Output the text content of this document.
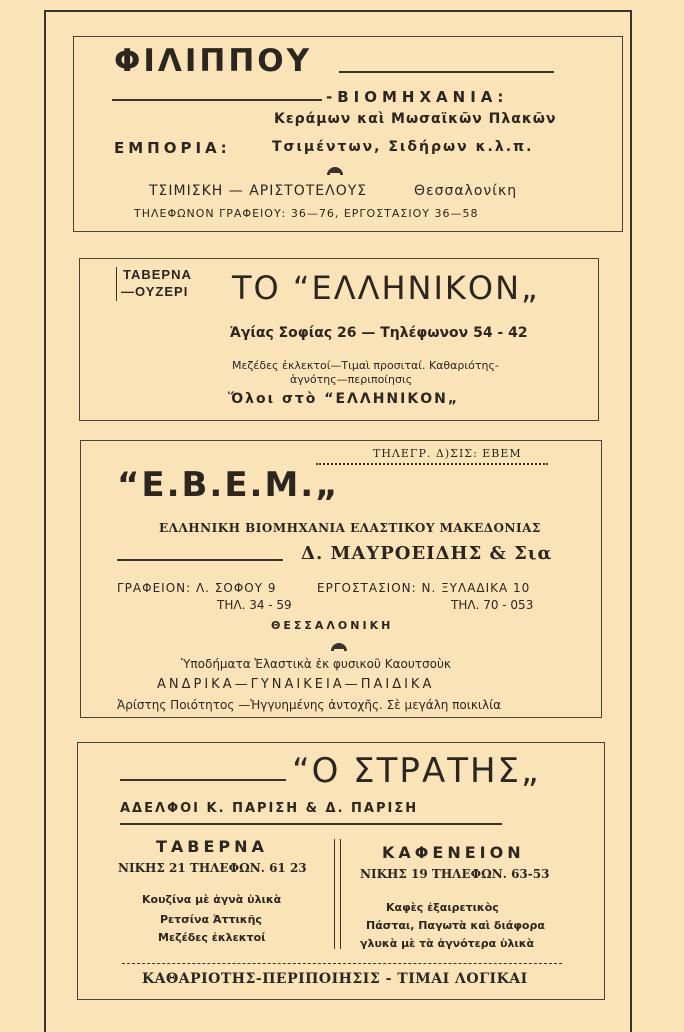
ΦΙΛΙΠΠΟΥ
-ΒΙΟΜΗΧΑΝΙΑ:
Κεράμων καὶ Μωσαϊκῶν Πλακῶν
ΕΜΠΟΡΙΑ:	Τσιμέντων, Σιδήρων κ.λ.π.
ΤΣΙΜΙΣΚΗ — ΑΡΙΣΤΟΤΕΛΟΥΣ	Θεσσαλονίκη
ΤΗΛΕΦΩΝΟΝ ΓΡΑΦΕΙΟΥ: 36—76, ΕΡΓΟΣΤΑΣΙΟΥ 36—58
ΤΑΒΕΡΝΑ
—ΟΥΖΕΡΙ ΤΟ “ΕΛΛΗΝΙΚΟΝ„
Ἁγίας Σοφίας 26 — Τηλέφωνον 54 - 42
Μεζέδες ἐκλεκτοί—Τιμαὶ προσιταί. Καθαριότης-
ἁγνότης—περιποίησις
Ὅλοι στὸ “ΕΛΛΗΝΙΚΟΝ„
ΤΗΛΕΓΡ. Δ)ΣΙΣ: ΕΒΕΜ
“Ε.Β.Ε.Μ.„
ΕΛΛΗΝΙΚΗ ΒΙΟΜΗΧΑΝΙΑ ΕΛΑΣΤΙΚΟΥ ΜΑΚΕΔΟΝΙΑΣ
Δ. ΜΑΥΡΟΕΙΔΗΣ & Σια
ΓΡΑΦΕΙΟΝ: Λ. ΣΟΦΟΥ 9
ΤΗΛ. 34 - 59
ΕΡΓΟΣΤΑΣΙΟΝ: Ν. ΞΥΛΑΔΙΚΑ 10
ΤΗΛ. 70 - 053
ΘΕΣΣΑΛΟΝΙΚΗ
Ὑποδήματα Ἐλαστικὰ ἐκ φυσικοῦ Καουτσοὺκ
ΑΝΔΡΙΚΑ—ΓΥΝΑΙΚΕΙΑ—ΠΑΙΔΙΚΑ
Ἀρίστης Ποιότητος —Ἠγγυημένης ἀντοχῆς. Σὲ μεγάλη ποικιλία
“Ο ΣΤΡΑΤΗΣ„
ΑΔΕΛΦΟΙ Κ. ΠΑΡΙΣΗ & Δ. ΠΑΡΙΣΗ
ΤΑΒΕΡΝΑ
ΝΙΚΗΣ 21 ΤΗΛΕΦΩΝ. 61 23
Κουζίνα μὲ ἁγνὰ ὑλικὰ
Ρετσίνα Ἀττικῆς
Μεζέδες ἐκλεκτοί
ΚΑΦΕΝΕΙΟΝ
ΝΙΚΗΣ 19 ΤΗΛΕΦΩΝ. 63-53
Καφὲς ἐξαιρετικὸς
Πάσται, Παγωτὰ καὶ διάφορα
γλυκὰ μὲ τὰ ἁγνότερα ὑλικὰ
ΚΑΘΑΡΙΟΤΗΣ-ΠΕΡΙΠΟΙΗΣΙΣ - ΤΙΜΑΙ ΛΟΓΙΚΑΙ
